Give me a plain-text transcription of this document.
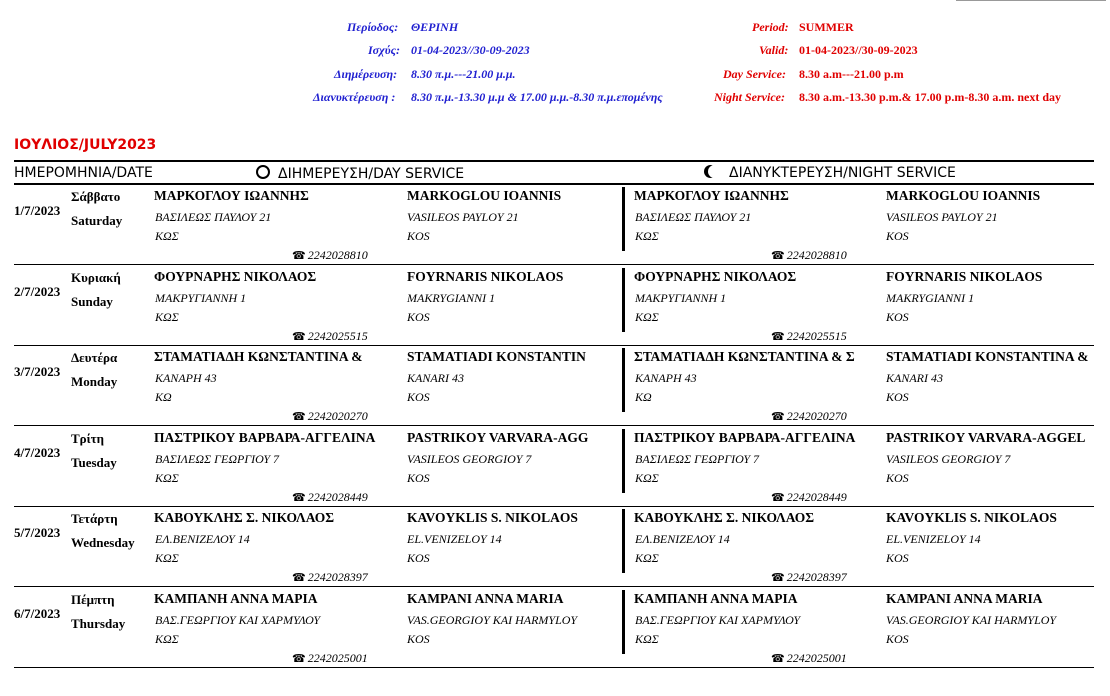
Περίοδος: ΘΕΡΙΝΗ
Ισχύς: 01-04-2023//30-09-2023
Διημέρευση: 8.30 π.μ.---21.00 μ.μ.
Διανυκτέρευση : 8.30 π.μ.-13.30 μ.μ & 17.00 μ.μ.-8.30 π.μ.επομένης
Period: SUMMER
Valid: 01-04-2023//30-09-2023
Day Service: 8.30 a.m---21.00 p.m
Night Service: 8.30 a.m.-13.30 p.m.& 17.00 p.m-8.30 a.m. next day
ΙΟΥΛΙΟΣ/JULY2023
ΗΜΕΡΟΜΗΝΙΑ/DATE	ΔΙΗΜΕΡΕΥΣΗ/DAY SERVICE	ΔΙΑΝΥΚΤΕΡΕΥΣΗ/NIGHT SERVICE
1/7/2023
Σάββατο
Saturday
ΜΑΡΚΟΓΛΟΥ ΙΩΑΝΝΗΣ
ΒΑΣΙΛΕΩΣ ΠΑΥΛΟΥ 21
ΚΩΣ
☎ 2242028810
MARKOGLOU IOANNIS
VASILEOS PAYLOY 21
KOS
ΜΑΡΚΟΓΛΟΥ ΙΩΑΝΝΗΣ
ΒΑΣΙΛΕΩΣ ΠΑΥΛΟΥ 21
ΚΩΣ
☎ 2242028810
MARKOGLOU IOANNIS
VASILEOS PAYLOY 21
KOS
2/7/2023
Κυριακή
Sunday
ΦΟΥΡΝΑΡΗΣ ΝΙΚΟΛΑΟΣ
ΜΑΚΡΥΓΙΑΝΝΗ 1
ΚΩΣ
☎ 2242025515
FOYRNARIS NIKOLAOS
MAKRYGIANNI 1
KOS
ΦΟΥΡΝΑΡΗΣ ΝΙΚΟΛΑΟΣ
ΜΑΚΡΥΓΙΑΝΝΗ 1
ΚΩΣ
☎ 2242025515
FOYRNARIS NIKOLAOS
MAKRYGIANNI 1
KOS
3/7/2023
Δευτέρα
Monday
ΣΤΑΜΑΤΙΑΔΗ ΚΩΝΣΤΑΝΤΙΝΑ &
ΚΑΝΑΡΗ 43
ΚΩ
☎ 2242020270
STAMATIADI KONSTANTIN
KANARI 43
KOS
ΣΤΑΜΑΤΙΑΔΗ ΚΩΝΣΤΑΝΤΙΝΑ & Σ
ΚΑΝΑΡΗ 43
ΚΩ
☎ 2242020270
STAMATIADI KONSTANTINA &
KANARI 43
KOS
4/7/2023
Τρίτη
Tuesday
ΠΑΣΤΡΙΚΟΥ ΒΑΡΒΑΡΑ-ΑΓΓΕΛΙΝΑ
ΒΑΣΙΛΕΩΣ ΓΕΩΡΓΙΟΥ 7
ΚΩΣ
☎ 2242028449
PASTRIKOY VARVARA-AGG
VASILEOS GEORGIOY 7
KOS
ΠΑΣΤΡΙΚΟΥ ΒΑΡΒΑΡΑ-ΑΓΓΕΛΙΝΑ
ΒΑΣΙΛΕΩΣ ΓΕΩΡΓΙΟΥ 7
ΚΩΣ
☎ 2242028449
PASTRIKOY VARVARA-AGGEL
VASILEOS GEORGIOY 7
KOS
5/7/2023
Τετάρτη
Wednesday
ΚΑΒΟΥΚΛΗΣ Σ. ΝΙΚΟΛΑΟΣ
ΕΛ.ΒΕΝΙΖΕΛΟΥ 14
ΚΩΣ
☎ 2242028397
KAVOYKLIS S. NIKOLAOS
EL.VENIZELOY 14
KOS
ΚΑΒΟΥΚΛΗΣ Σ. ΝΙΚΟΛΑΟΣ
ΕΛ.ΒΕΝΙΖΕΛΟΥ 14
ΚΩΣ
☎ 2242028397
KAVOYKLIS S. NIKOLAOS
EL.VENIZELOY 14
KOS
6/7/2023
Πέμπτη
Thursday
ΚΑΜΠΑΝΗ ΑΝΝΑ ΜΑΡΙΑ
ΒΑΣ.ΓΕΩΡΓΙΟΥ ΚΑΙ ΧΑΡΜΥΛΟΥ
ΚΩΣ
☎ 2242025001
KAMPANI ANNA MARIA
VAS.GEORGIOY KAI HARMYLOY
KOS
ΚΑΜΠΑΝΗ ΑΝΝΑ ΜΑΡΙΑ
ΒΑΣ.ΓΕΩΡΓΙΟΥ ΚΑΙ ΧΑΡΜΥΛΟΥ
ΚΩΣ
☎ 2242025001
KAMPANI ANNA MARIA
VAS.GEORGIOY KAI HARMYLOY
KOS
